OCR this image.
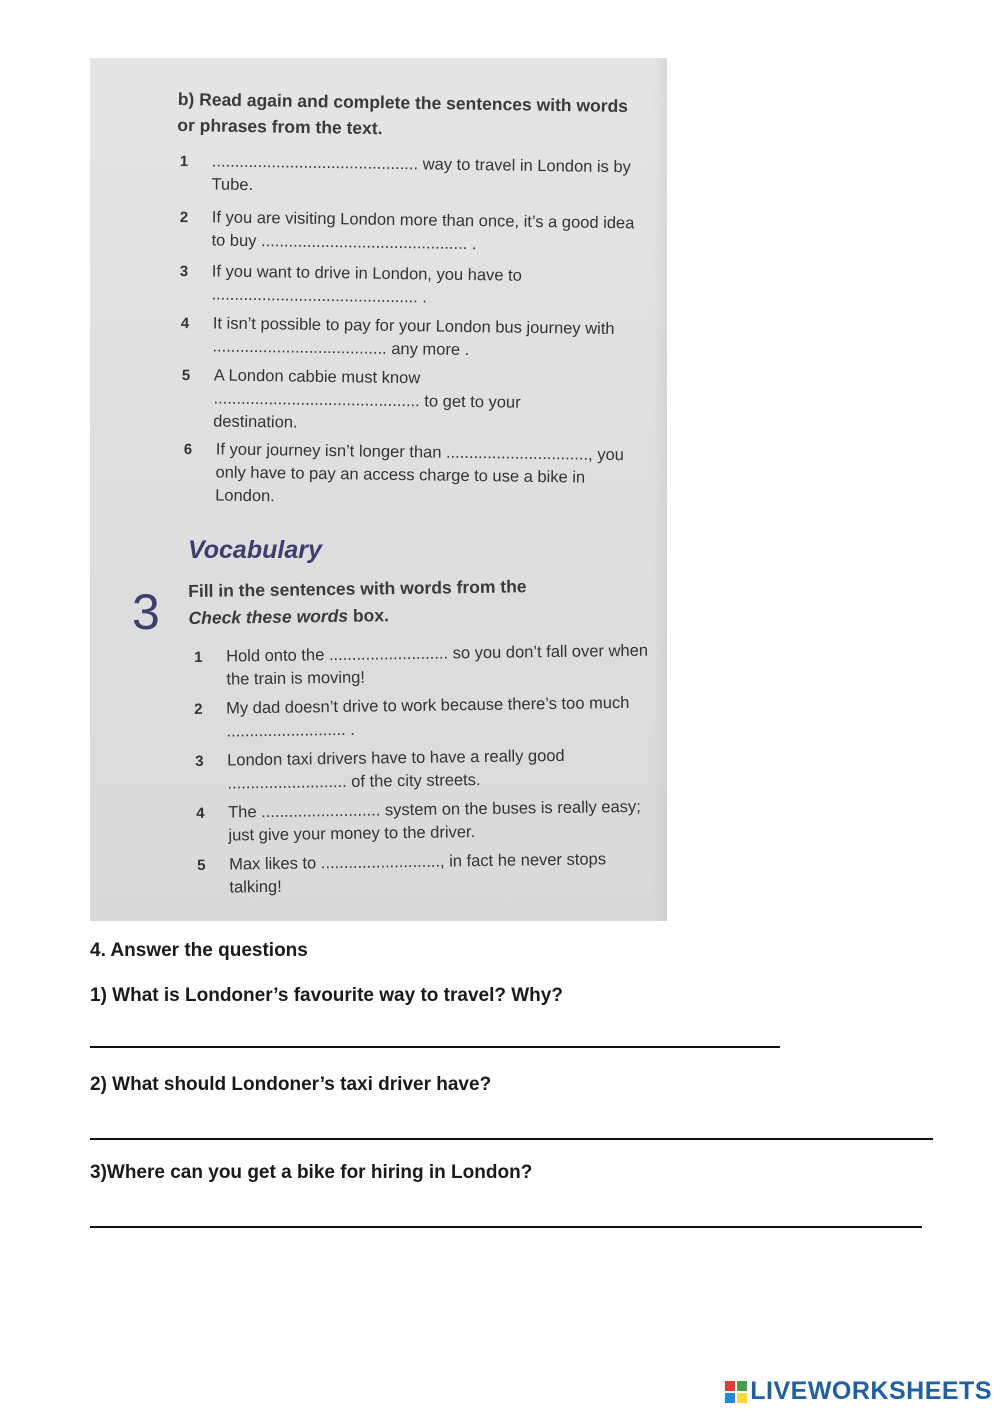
b) Read again and complete the sentences with words or phrases from the text.
1 ............................................. way to travel in London is by Tube.
2 If you are visiting London more than once, it’s a good idea to buy ............................................. .
3 If you want to drive in London, you have to ............................................. .
4 It isn’t possible to pay for your London bus journey with ...................................... any more .
5 A London cabbie must know ............................................. to get to your destination.
6 If your journey isn’t longer than ..............................., you only have to pay an access charge to use a bike in London.
Vocabulary
3 Fill in the sentences with words from the
Check these words box.
1 Hold onto the .......................... so you don’t fall over when the train is moving!
2 My dad doesn’t drive to work because there’s too much .......................... .
3 London taxi drivers have to have a really good .......................... of the city streets.
4 The .......................... system on the buses is really easy; just give your money to the driver.
5 Max likes to .........................., in fact he never stops talking!
4. Answer the questions
1) What is Londoner’s favourite way to travel? Why?
2) What should Londoner’s taxi driver have?
3)Where can you get a bike for hiring in London?
LIVEWORKSHEETS
